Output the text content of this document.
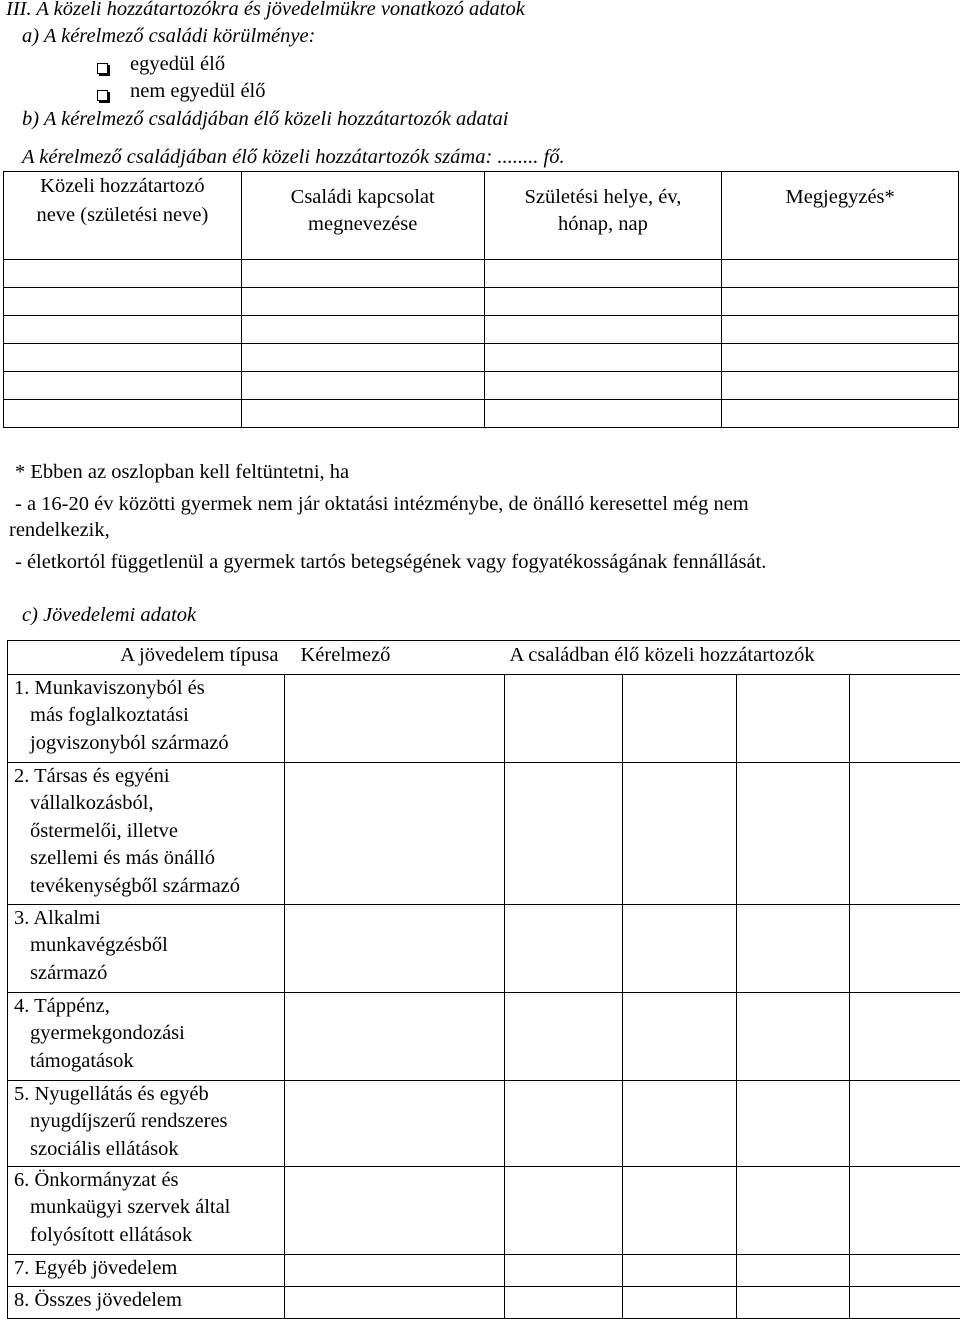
III. A közeli hozzátartozókra és jövedelmükre vonatkozó adatok
a) A kérelmező családi körülménye:
egyedül élő
nem egyedül élő
b) A kérelmező családjában élő közeli hozzátartozók adatai
A kérelmező családjában élő közeli hozzátartozók száma: ........ fő.
Közeli hozzátartozó neve (születési neve)	Családi kapcsolat megnevezése	Születési helye, év, hónap, nap	Megjegyzés*

* Ebben az oszlopban kell feltüntetni, ha
- a 16-20 év közötti gyermek nem jár oktatási intézménybe, de önálló keresettel még nem
rendelkezik,
- életkortól függetlenül a gyermek tartós betegségének vagy fogyatékosságának fennállását.
c) Jövedelemi adatok
A jövedelem típusa	Kérelmező	A családban élő közeli hozzátartozók			

1. Munkaviszonyból és
más foglalkoztatási
jogviszonyból származó					

2. Társas és egyéni
vállalkozásból,
őstermelői, illetve
szellemi és más önálló
tevékenységből származó					

3. Alkalmi
munkavégzésből
származó					

4. Táppénz,
gyermekgondozási
támogatások					

5. Nyugellátás és egyéb
nyugdíjszerű rendszeres
szociális ellátások					

6. Önkormányzat és
munkaügyi szervek által
folyósított ellátások					

7. Egyéb jövedelem					

8. Összes jövedelem					
